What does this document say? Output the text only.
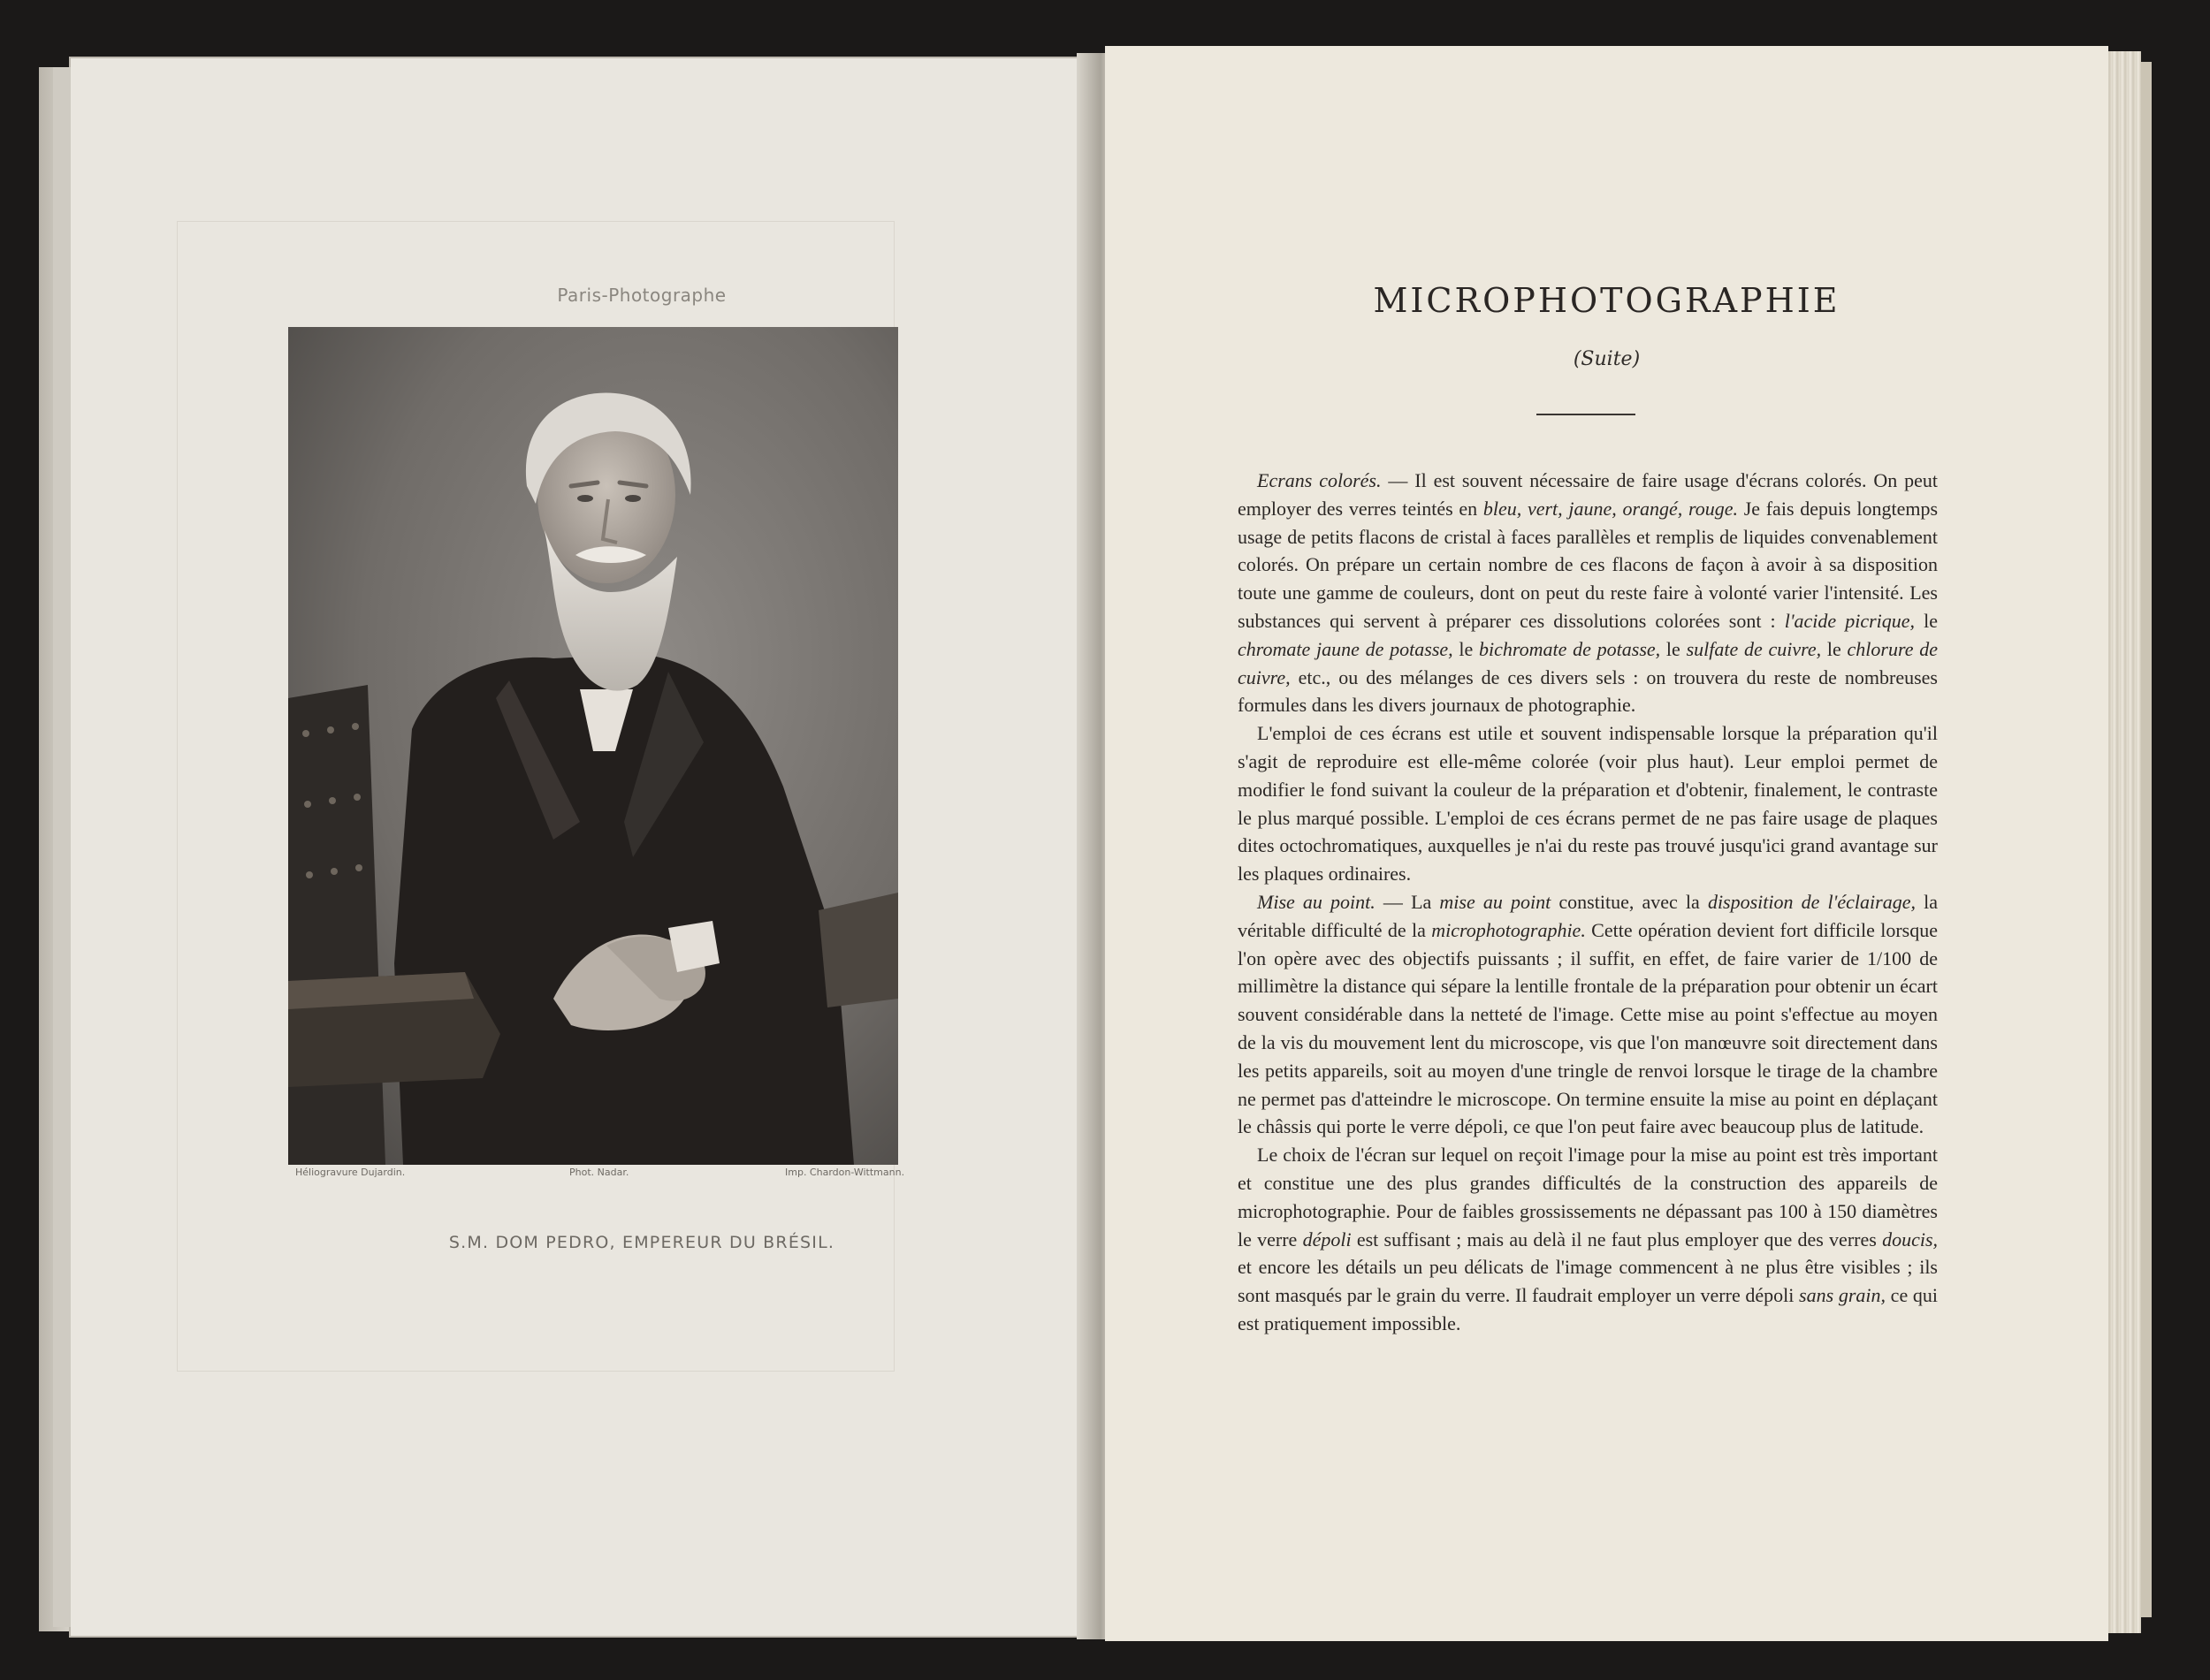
Paris-Photographe
Héliogravure Dujardin.	Phot. Nadar.	Imp. Chardon-Wittmann.
S.M. DOM PEDRO, EMPEREUR DU BRÉSIL.
MICROPHOTOGRAPHIE
(Suite)

Ecrans colorés. — Il est souvent nécessaire de faire usage d'écrans colorés. On peut employer des verres teintés en bleu, vert, jaune, orangé, rouge. Je fais depuis longtemps usage de petits flacons de cristal à faces parallèles et remplis de liquides convenablement colorés. On prépare un certain nombre de ces flacons de façon à avoir à sa disposition toute une gamme de couleurs, dont on peut du reste faire à volonté varier l'intensité. Les substances qui servent à préparer ces dissolutions colorées sont : l'acide picrique, le chromate jaune de potasse, le bichromate de potasse, le sulfate de cuivre, le chlorure de cuivre, etc., ou des mélanges de ces divers sels : on trouvera du reste de nombreuses formules dans les divers journaux de photographie.

L'emploi de ces écrans est utile et souvent indispensable lorsque la préparation qu'il s'agit de reproduire est elle-même colorée (voir plus haut). Leur emploi permet de modifier le fond suivant la couleur de la préparation et d'obtenir, finalement, le contraste le plus marqué possible. L'emploi de ces écrans permet de ne pas faire usage de plaques dites octochromatiques, auxquelles je n'ai du reste pas trouvé jusqu'ici grand avantage sur les plaques ordinaires.

Mise au point. — La mise au point constitue, avec la disposition de l'éclairage, la véritable difficulté de la microphotographie. Cette opération devient fort difficile lorsque l'on opère avec des objectifs puissants ; il suffit, en effet, de faire varier de 1/100 de millimètre la distance qui sépare la lentille frontale de la préparation pour obtenir un écart souvent considérable dans la netteté de l'image. Cette mise au point s'effectue au moyen de la vis du mouvement lent du microscope, vis que l'on manœuvre soit directement dans les petits appareils, soit au moyen d'une tringle de renvoi lorsque le tirage de la chambre ne permet pas d'atteindre le microscope. On termine ensuite la mise au point en déplaçant le châssis qui porte le verre dépoli, ce que l'on peut faire avec beaucoup plus de latitude.

Le choix de l'écran sur lequel on reçoit l'image pour la mise au point est très important et constitue une des plus grandes difficultés de la construction des appareils de microphotographie. Pour de faibles grossissements ne dépassant pas 100 à 150 diamètres le verre dépoli est suffisant ; mais au delà il ne faut plus employer que des verres doucis, et encore les détails un peu délicats de l'image commencent à ne plus être visibles ; ils sont masqués par le grain du verre. Il faudrait employer un verre dépoli sans grain, ce qui est pratiquement impossible.
